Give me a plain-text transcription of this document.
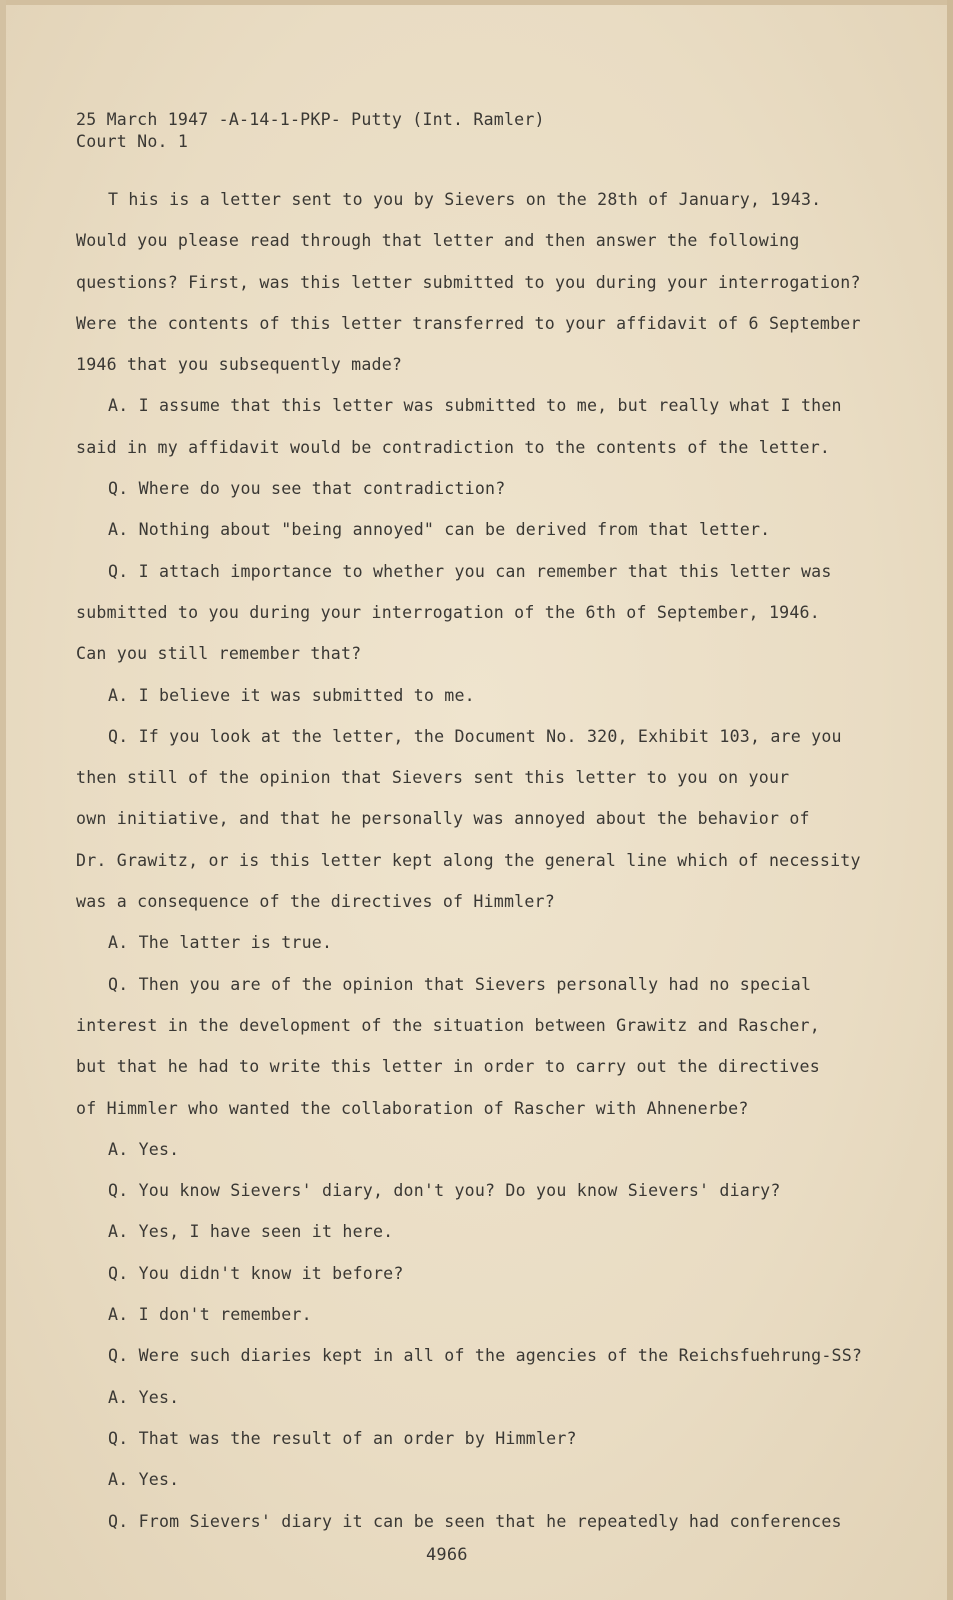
25 March 1947 -A-14-1-PKP- Putty (Int. Ramler)
Court No. 1
T his is a letter sent to you by Sievers on the 28th of January, 1943.
Would you please read through that letter and then answer the following
questions? First, was this letter submitted to you during your interrogation?
Were the contents of this letter transferred to your affidavit of 6 September
1946 that you subsequently made?
A. I assume that this letter was submitted to me, but really what I then
said in my affidavit would be contradiction to the contents of the letter.
Q. Where do you see that contradiction?
A. Nothing about "being annoyed" can be derived from that letter.
Q. I attach importance to whether you can remember that this letter was
submitted to you during your interrogation of the 6th of September, 1946.
Can you still remember that?
A. I believe it was submitted to me.
Q. If you look at the letter, the Document No. 320, Exhibit 103, are you
then still of the opinion that Sievers sent this letter to you on your
own initiative, and that he personally was annoyed about the behavior of
Dr. Grawitz, or is this letter kept along the general line which of necessity
was a consequence of the directives of Himmler?
A. The latter is true.
Q. Then you are of the opinion that Sievers personally had no special
interest in the development of the situation between Grawitz and Rascher,
but that he had to write this letter in order to carry out the directives
of Himmler who wanted the collaboration of Rascher with Ahnenerbe?
A. Yes.
Q. You know Sievers' diary, don't you? Do you know Sievers' diary?
A. Yes, I have seen it here.
Q. You didn't know it before?
A. I don't remember.
Q. Were such diaries kept in all of the agencies of the Reichsfuehrung-SS?
A. Yes.
Q. That was the result of an order by Himmler?
A. Yes.
Q. From Sievers' diary it can be seen that he repeatedly had conferences
4966
